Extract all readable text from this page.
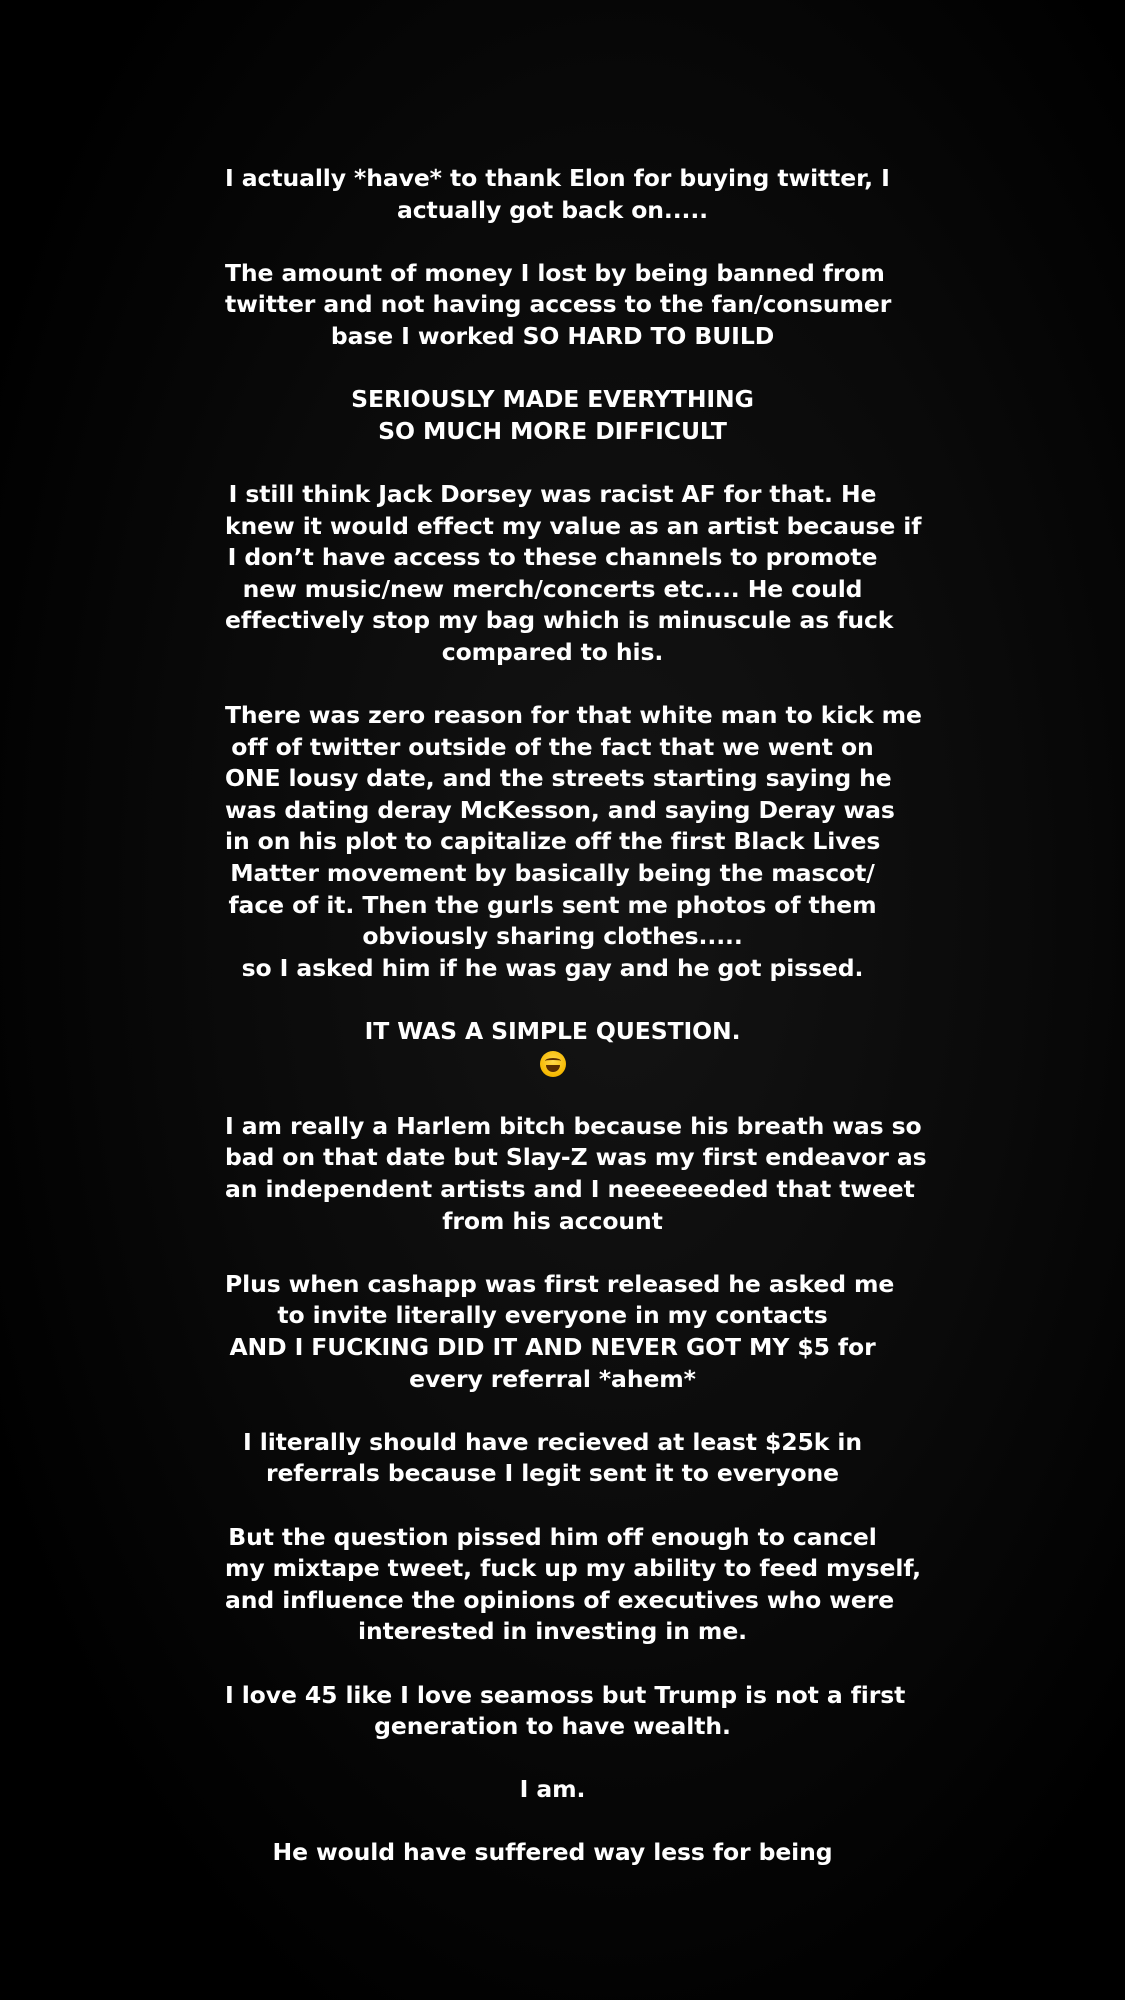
I actually *have* to thank Elon for buying twitter, I
actually got back on.....
The amount of money I lost by being banned from
twitter and not having access to the fan/consumer
base I worked SO HARD TO BUILD
SERIOUSLY MADE EVERYTHING
SO MUCH MORE DIFFICULT
I still think Jack Dorsey was racist AF for that. He
knew it would effect my value as an artist because if
I don’t have access to these channels to promote
new music/new merch/concerts etc.... He could
effectively stop my bag which is minuscule as fuck
compared to his.
There was zero reason for that white man to kick me
off of twitter outside of the fact that we went on
ONE lousy date, and the streets starting saying he
was dating deray McKesson, and saying Deray was
in on his plot to capitalize off the first Black Lives
Matter movement by basically being the mascot/
face of it. Then the gurls sent me photos of them
obviously sharing clothes.....
so I asked him if he was gay and he got pissed.
IT WAS A SIMPLE QUESTION.
I am really a Harlem bitch because his breath was so
bad on that date but Slay-Z was my first endeavor as
an independent artists and I neeeeeeded that tweet
from his account
Plus when cashapp was first released he asked me
to invite literally everyone in my contacts
AND I FUCKING DID IT AND NEVER GOT MY $5 for
every referral *ahem*
I literally should have recieved at least $25k in
referrals because I legit sent it to everyone
But the question pissed him off enough to cancel
my mixtape tweet, fuck up my ability to feed myself,
and influence the opinions of executives who were
interested in investing in me.
I love 45 like I love seamoss but Trump is not a first
generation to have wealth.
I am.
He would have suffered way less for being
